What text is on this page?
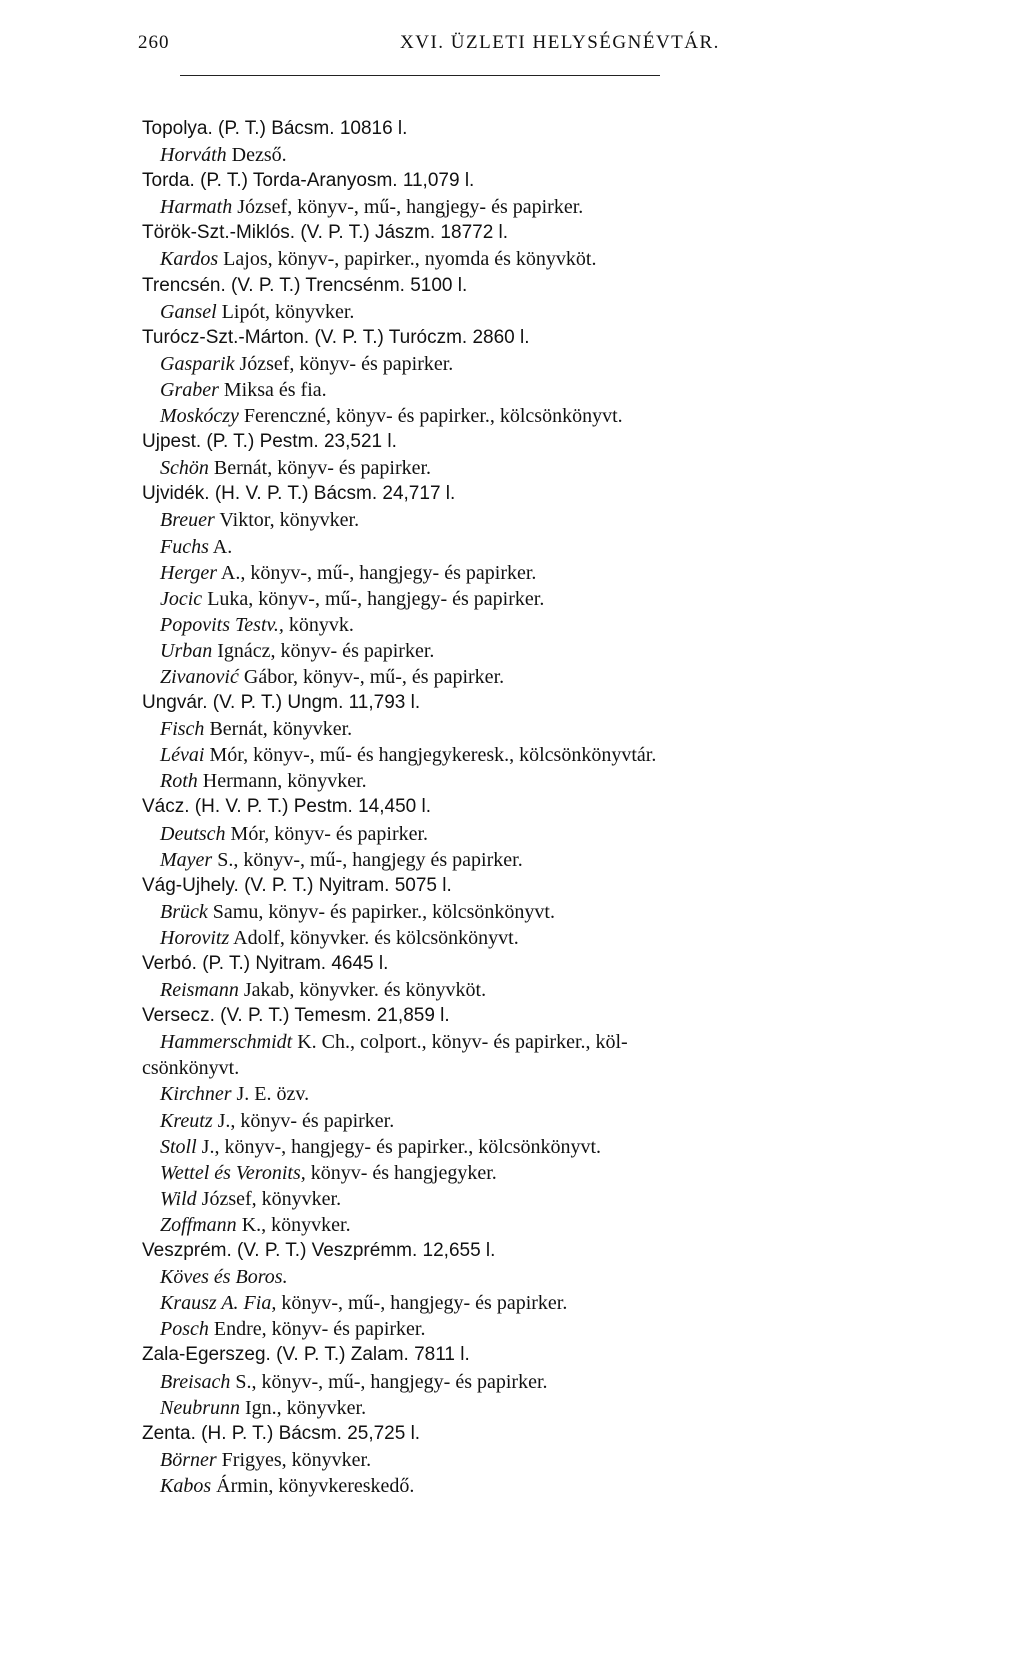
260	XVI. ÜZLETI HELYSÉGNÉVTÁR.
Topolya. (P. T.) Bácsm. 10816 l.
Horváth Dezső.
Torda. (P. T.) Torda-Aranyosm. 11,079 l.
Harmath József, könyv-, mű-, hangjegy- és papirker.
Török-Szt.-Miklós. (V. P. T.) Jászm. 18772 l.
Kardos Lajos, könyv-, papirker., nyomda és könyvköt.
Trencsén. (V. P. T.) Trencsénm. 5100 l.
Gansel Lipót, könyvker.
Turócz-Szt.-Márton. (V. P. T.) Turóczm. 2860 l.
Gasparik József, könyv- és papirker.
Graber Miksa és fia.
Moskóczy Ferenczné, könyv- és papirker., kölcsönkönyvt.
Ujpest. (P. T.) Pestm. 23,521 l.
Schön Bernát, könyv- és papirker.
Ujvidék. (H. V. P. T.) Bácsm. 24,717 l.
Breuer Viktor, könyvker.
Fuchs A.
Herger A., könyv-, mű-, hangjegy- és papirker.
Jocic Luka, könyv-, mű-, hangjegy- és papirker.
Popovits Testv., könyvk.
Urban Ignácz, könyv- és papirker.
Zivanović Gábor, könyv-, mű-, és papirker.
Ungvár. (V. P. T.) Ungm. 11,793 l.
Fisch Bernát, könyvker.
Lévai Mór, könyv-, mű- és hangjegykeresk., kölcsönkönyvtár.
Roth Hermann, könyvker.
Vácz. (H. V. P. T.) Pestm. 14,450 l.
Deutsch Mór, könyv- és papirker.
Mayer S., könyv-, mű-, hangjegy és papirker.
Vág-Ujhely. (V. P. T.) Nyitram. 5075 l.
Brück Samu, könyv- és papirker., kölcsönkönyvt.
Horovitz Adolf, könyvker. és kölcsönkönyvt.
Verbó. (P. T.) Nyitram. 4645 l.
Reismann Jakab, könyvker. és könyvköt.
Versecz. (V. P. T.) Temesm. 21,859 l.
Hammerschmidt K. Ch., colport., könyv- és papirker., köl-
csönkönyvt.
Kirchner J. E. özv.
Kreutz J., könyv- és papirker.
Stoll J., könyv-, hangjegy- és papirker., kölcsönkönyvt.
Wettel és Veronits, könyv- és hangjegyker.
Wild József, könyvker.
Zoffmann K., könyvker.
Veszprém. (V. P. T.) Veszprémm. 12,655 l.
Köves és Boros.
Krausz A. Fia, könyv-, mű-, hangjegy- és papirker.
Posch Endre, könyv- és papirker.
Zala-Egerszeg. (V. P. T.) Zalam. 7811 l.
Breisach S., könyv-, mű-, hangjegy- és papirker.
Neubrunn Ign., könyvker.
Zenta. (H. P. T.) Bácsm. 25,725 l.
Börner Frigyes, könyvker.
Kabos Ármin, könyvkereskedő.
